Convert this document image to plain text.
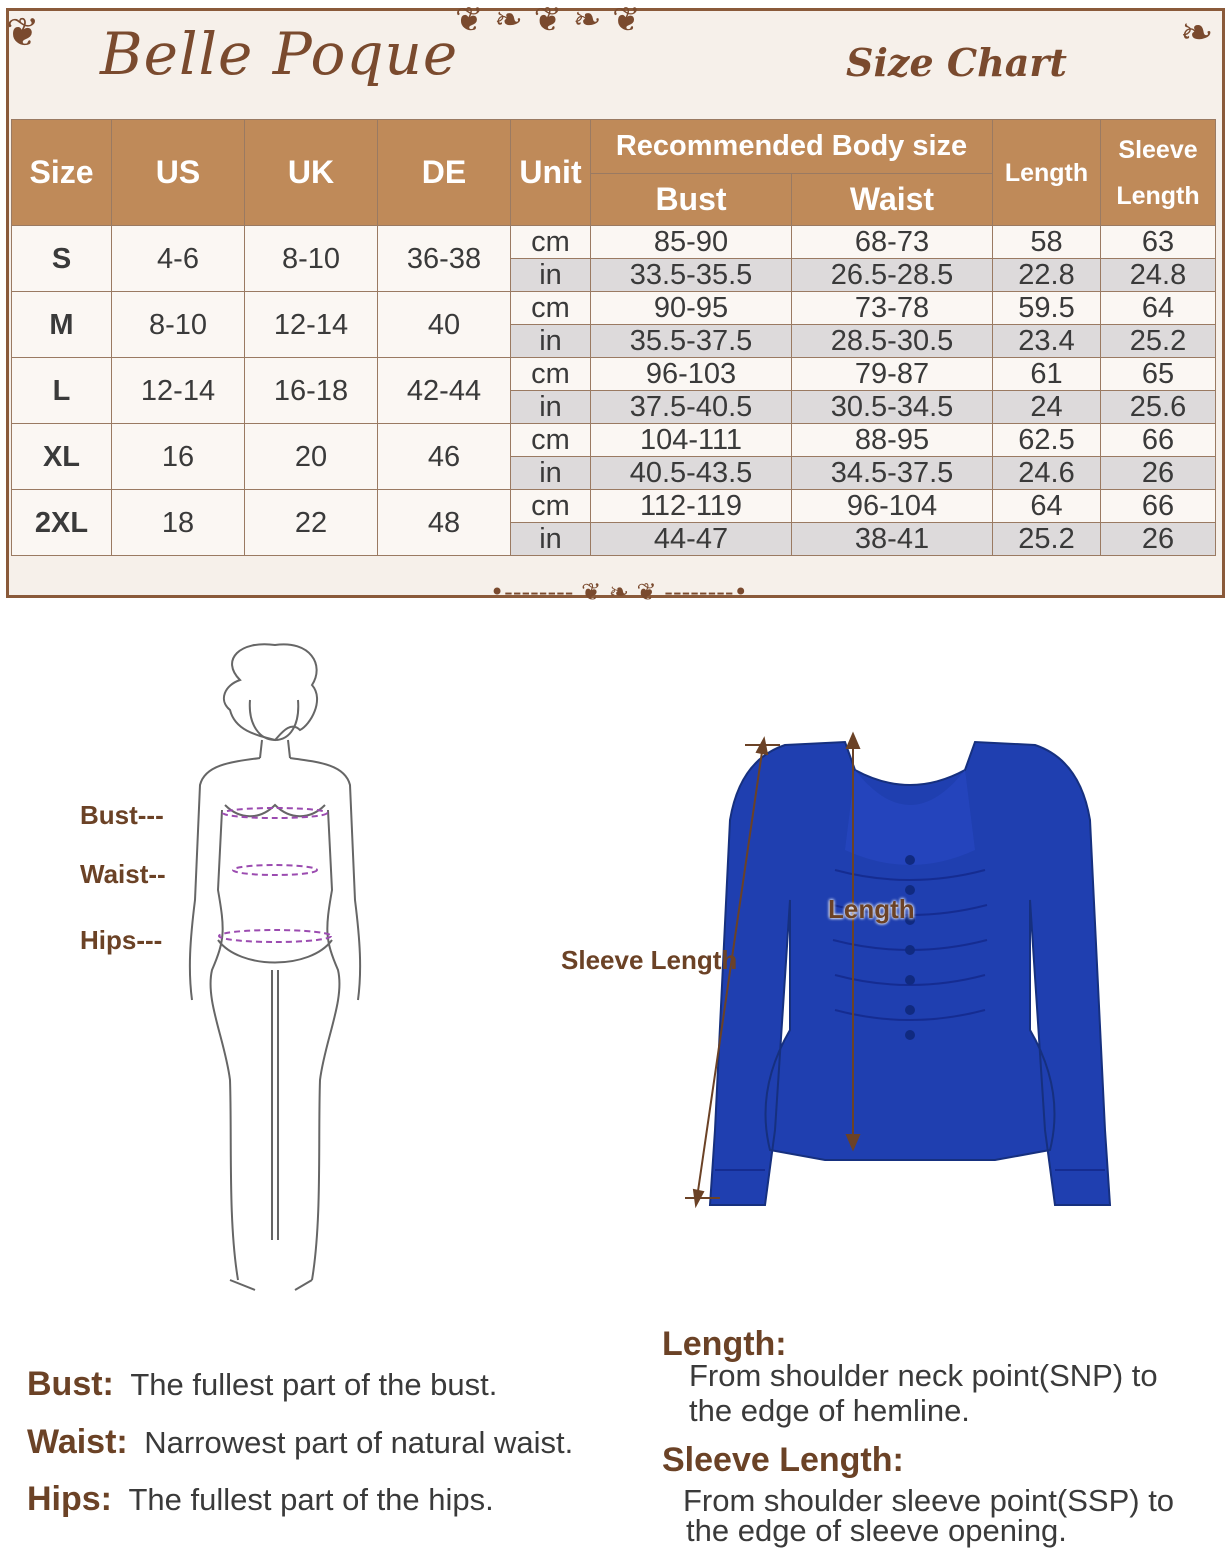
❦ ❧ ❦ ❧ ❦
❦	❧
•-------- ❦ ❧ ❦ --------•
Belle Poque	Size Chart
Size	US	UK	DE	Unit	Recommended Body size		Length	Sleeve
Length

					Bust	Waist		
S	4-6	8-10	36-38	cm	85-90	68-73	58	63
				in	33.5-35.5	26.5-28.5	22.8	24.8
M	8-10	12-14	40	cm	90-95	73-78	59.5	64
				in	35.5-37.5	28.5-30.5	23.4	25.2
L	12-14	16-18	42-44	cm	96-103	79-87	61	65
				in	37.5-40.5	30.5-34.5	24	25.6
XL	16	20	46	cm	104-111	88-95	62.5	66
				in	40.5-43.5	34.5-37.5	24.6	26
2XL	18	22	48	cm	112-119	96-104	64	66
				in	44-47	38-41	25.2	26
Bust---
Waist--
Hips---
Sleeve Length
Length
Bust: The fullest part of the bust.
Waist: Narrowest part of natural waist.
Hips: The fullest part of the hips.
Length:
From shoulder neck point(SNP) to
the edge of hemline.
Sleeve Length:
From shoulder sleeve point(SSP) to
the edge of sleeve opening.
